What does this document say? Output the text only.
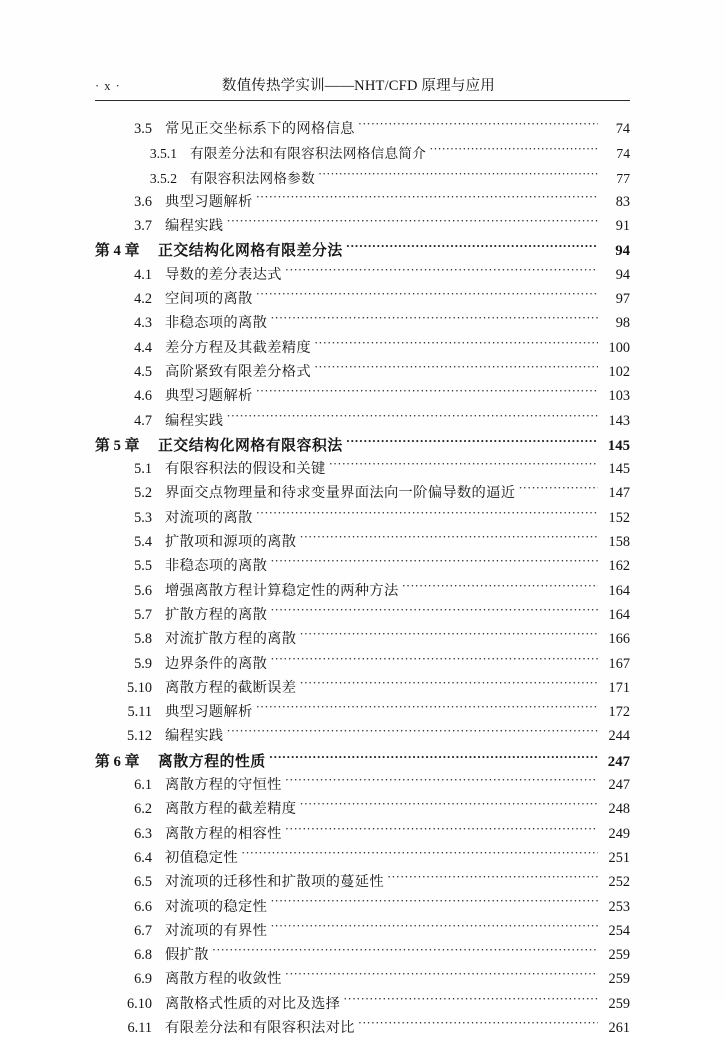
· x ·	数值传热学实训——NHT/CFD 原理与应用
3.5 常见正交坐标系下的网格信息 ·····	74
3.5.1 有限差分法和有限容积法网格信息简介 ·····	74
3.5.2 有限容积法网格参数 ·····	77
3.6 典型习题解析 ·····	83
3.7 编程实践 ·····	91
第 4 章	正交结构化网格有限差分法 ·····	94
4.1 导数的差分表达式 ·····	94
4.2 空间项的离散 ·····	97
4.3 非稳态项的离散 ·····	98
4.4 差分方程及其截差精度 ·····	100
4.5 高阶紧致有限差分格式 ·····	102
4.6 典型习题解析 ·····	103
4.7 编程实践 ·····	143
第 5 章	正交结构化网格有限容积法 ·····	145
5.1 有限容积法的假设和关键 ·····	145
5.2 界面交点物理量和待求变量界面法向一阶偏导数的逼近 ·····	147
5.3 对流项的离散 ·····	152
5.4 扩散项和源项的离散 ·····	158
5.5 非稳态项的离散 ·····	162
5.6 增强离散方程计算稳定性的两种方法 ·····	164
5.7 扩散方程的离散 ·····	164
5.8 对流扩散方程的离散 ·····	166
5.9 边界条件的离散 ·····	167
5.10 离散方程的截断误差 ·····	171
5.11 典型习题解析 ·····	172
5.12 编程实践 ·····	244
第 6 章	离散方程的性质 ·····	247
6.1 离散方程的守恒性 ·····	247
6.2 离散方程的截差精度 ·····	248
6.3 离散方程的相容性 ·····	249
6.4 初值稳定性 ·····	251
6.5 对流项的迁移性和扩散项的蔓延性 ·····	252
6.6 对流项的稳定性 ·····	253
6.7 对流项的有界性 ·····	254
6.8 假扩散 ·····	259
6.9 离散方程的收敛性 ·····	259
6.10 离散格式性质的对比及选择 ·····	259
6.11 有限差分法和有限容积法对比 ·····	261
